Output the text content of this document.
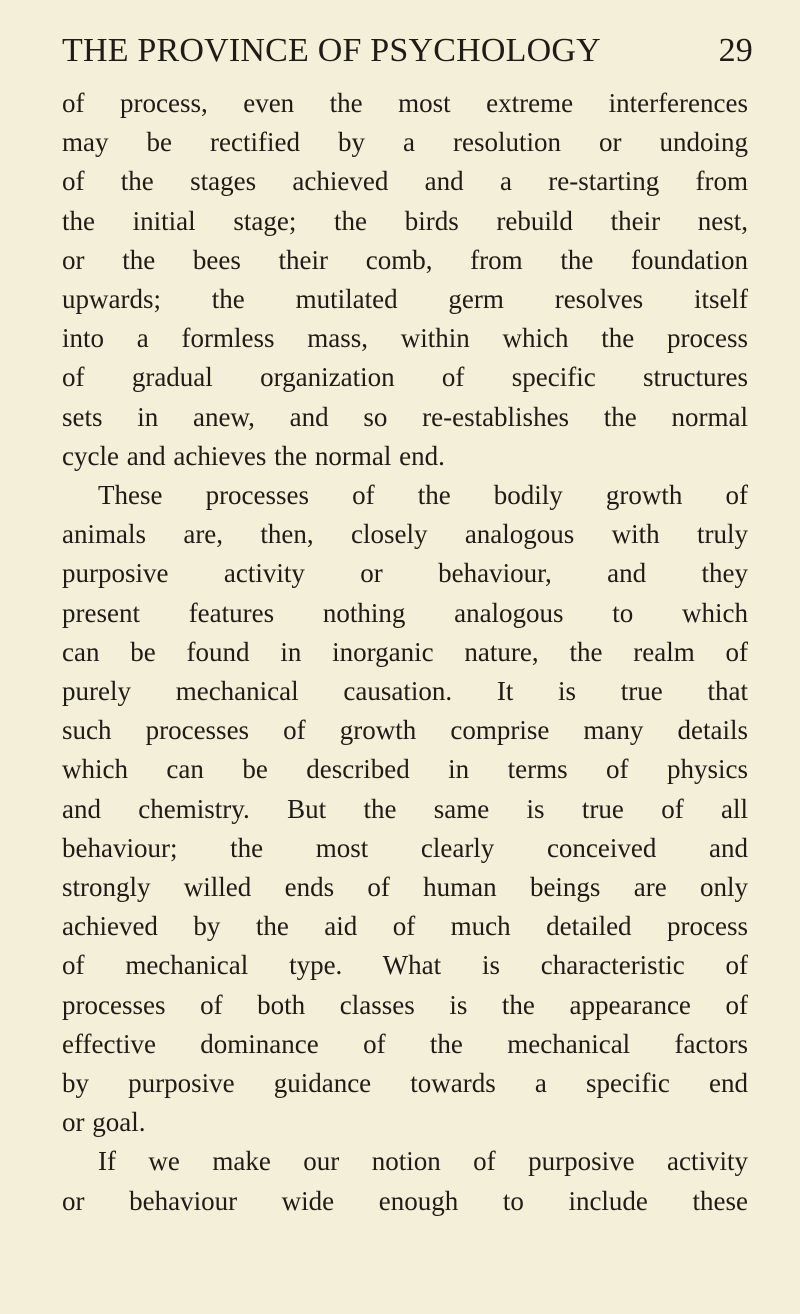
THE PROVINCE OF PSYCHOLOGY	29
of process, even the most extreme interferences
may be rectified by a resolution or undoing
of the stages achieved and a re-starting from
the initial stage; the birds rebuild their nest,
or the bees their comb, from the foundation
upwards; the mutilated germ resolves itself
into a formless mass, within which the process
of gradual organization of specific structures
sets in anew, and so re-establishes the normal
cycle and achieves the normal end.
These processes of the bodily growth of
animals are, then, closely analogous with truly
purposive activity or behaviour, and they
present features nothing analogous to which
can be found in inorganic nature, the realm of
purely mechanical causation. It is true that
such processes of growth comprise many details
which can be described in terms of physics
and chemistry. But the same is true of all
behaviour; the most clearly conceived and
strongly willed ends of human beings are only
achieved by the aid of much detailed process
of mechanical type. What is characteristic of
processes of both classes is the appearance of
effective dominance of the mechanical factors
by purposive guidance towards a specific end
or goal.
If we make our notion of purposive activity
or behaviour wide enough to include these
